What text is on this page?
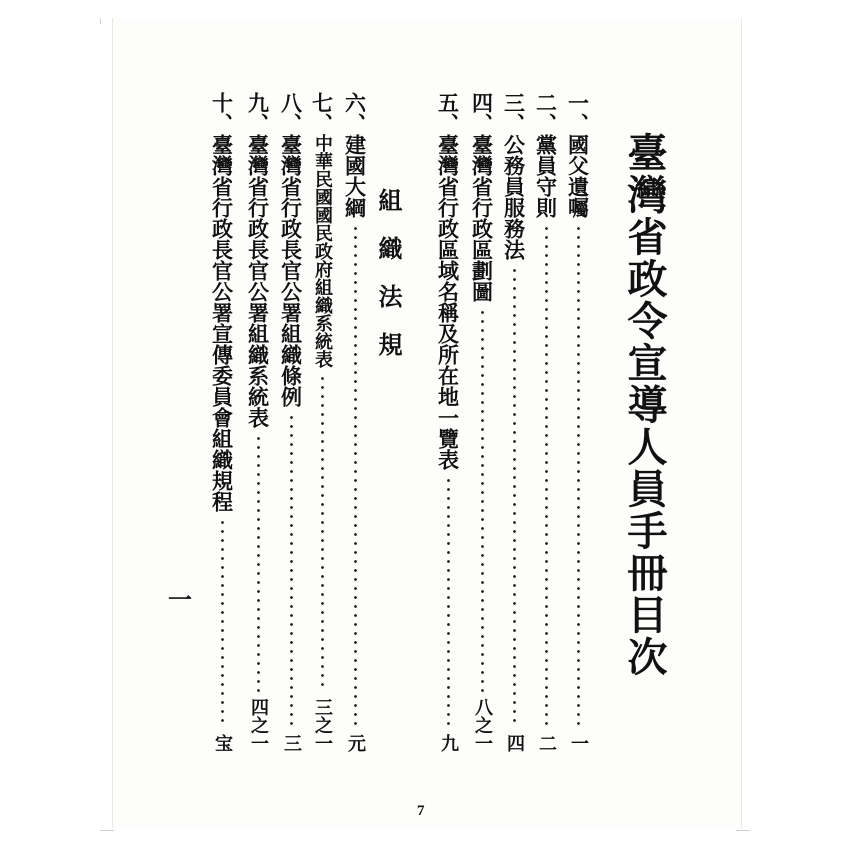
臺灣省政令宣導人員手冊目次
組織法規
一、
國父遺囑
一
二、
黨員守則
二
三、
公務員服務法
四
四、
臺灣省行政區劃圖
八之一
五、
臺灣省行政區域名稱及所在地一覽表
九
六、
建國大綱
元
七、
中華民國國民政府組織系統表
三之一
八、
臺灣省行政長官公署組織條例
三
九、
臺灣省行政長官公署組織系統表
四之一
十、
臺灣省行政長官公署宣傳委員會組織規程
宝
一
7
